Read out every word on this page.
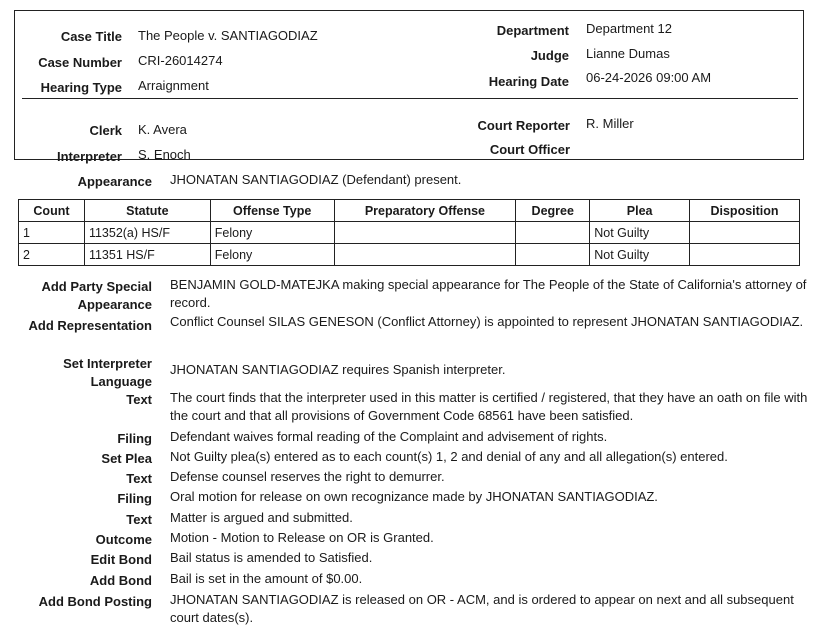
Case Title The People v. SANTIAGODIAZ
Case Number CRI-26014274
Hearing Type Arraignment
Department Department 12
Judge Lianne Dumas
Hearing Date 06-24-2026 09:00 AM
Clerk K. Avera
Interpreter S. Enoch
Court Reporter R. Miller
Court Officer
Appearance JHONATAN SANTIAGODIAZ (Defendant) present.
Count	Statute	Offense Type	Preparatory Offense	Degree	Plea	Disposition
1	11352(a) HS/F	Felony			Not Guilty	
2	11351 HS/F	Felony			Not Guilty	
Add Party Special Appearance
BENJAMIN GOLD-MATEJKA making special appearance for The People of the State of California's attorney of record.
Add Representation Conflict Counsel SILAS GENESON (Conflict Attorney) is appointed to represent JHONATAN SANTIAGODIAZ.
Set Interpreter Language
JHONATAN SANTIAGODIAZ requires Spanish interpreter.
Text The court finds that the interpreter used in this matter is certified / registered, that they have an oath on file with the court and that all provisions of Government Code 68561 have been satisfied.
Filing Defendant waives formal reading of the Complaint and advisement of rights.
Set Plea Not Guilty plea(s) entered as to each count(s) 1, 2 and denial of any and all allegation(s) entered.
Text Defense counsel reserves the right to demurrer.
Filing Oral motion for release on own recognizance made by JHONATAN SANTIAGODIAZ.
Text Matter is argued and submitted.
Outcome Motion - Motion to Release on OR is Granted.
Edit Bond Bail status is amended to Satisfied.
Add Bond Bail is set in the amount of $0.00.
Add Bond Posting JHONATAN SANTIAGODIAZ is released on OR - ACM, and is ordered to appear on next and all subsequent court dates(s).
